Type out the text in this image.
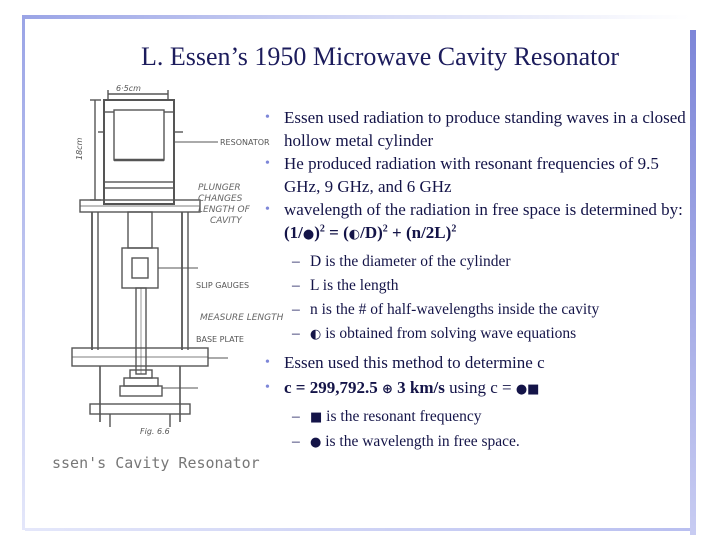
L. Essen’s 1950 Microwave Cavity Resonator
6·5cm
18cm	RESONATOR
PLUNGER
CHANGES
LENGTH OF
CAVITY
MEASURE LENGTH
SLIP GAUGES
BASE PLATE
Fig. 6.6
ssen's Cavity Resonator

• Essen used radiation to produce standing waves in a closed hollow metal cylinder

• He produced radiation with resonant frequencies of 9.5 GHz, 9 GHz, and 6 GHz

• wavelength of the radiation in free space is determined by:(1/●)$^2$ = (◐/D)$^2$ + $(n/2L)^2$

– D is the diameter of the cylinder

– L is the length

– n is the # of half-wavelengths inside the cavity

– ◐ is obtained from solving wave equations

• Essen used this method to determine c

• c = 299,792.5 ⊕ 3 km/s using c = ●■

– ■ is the resonant frequency

– ● is the wavelength in free space.
